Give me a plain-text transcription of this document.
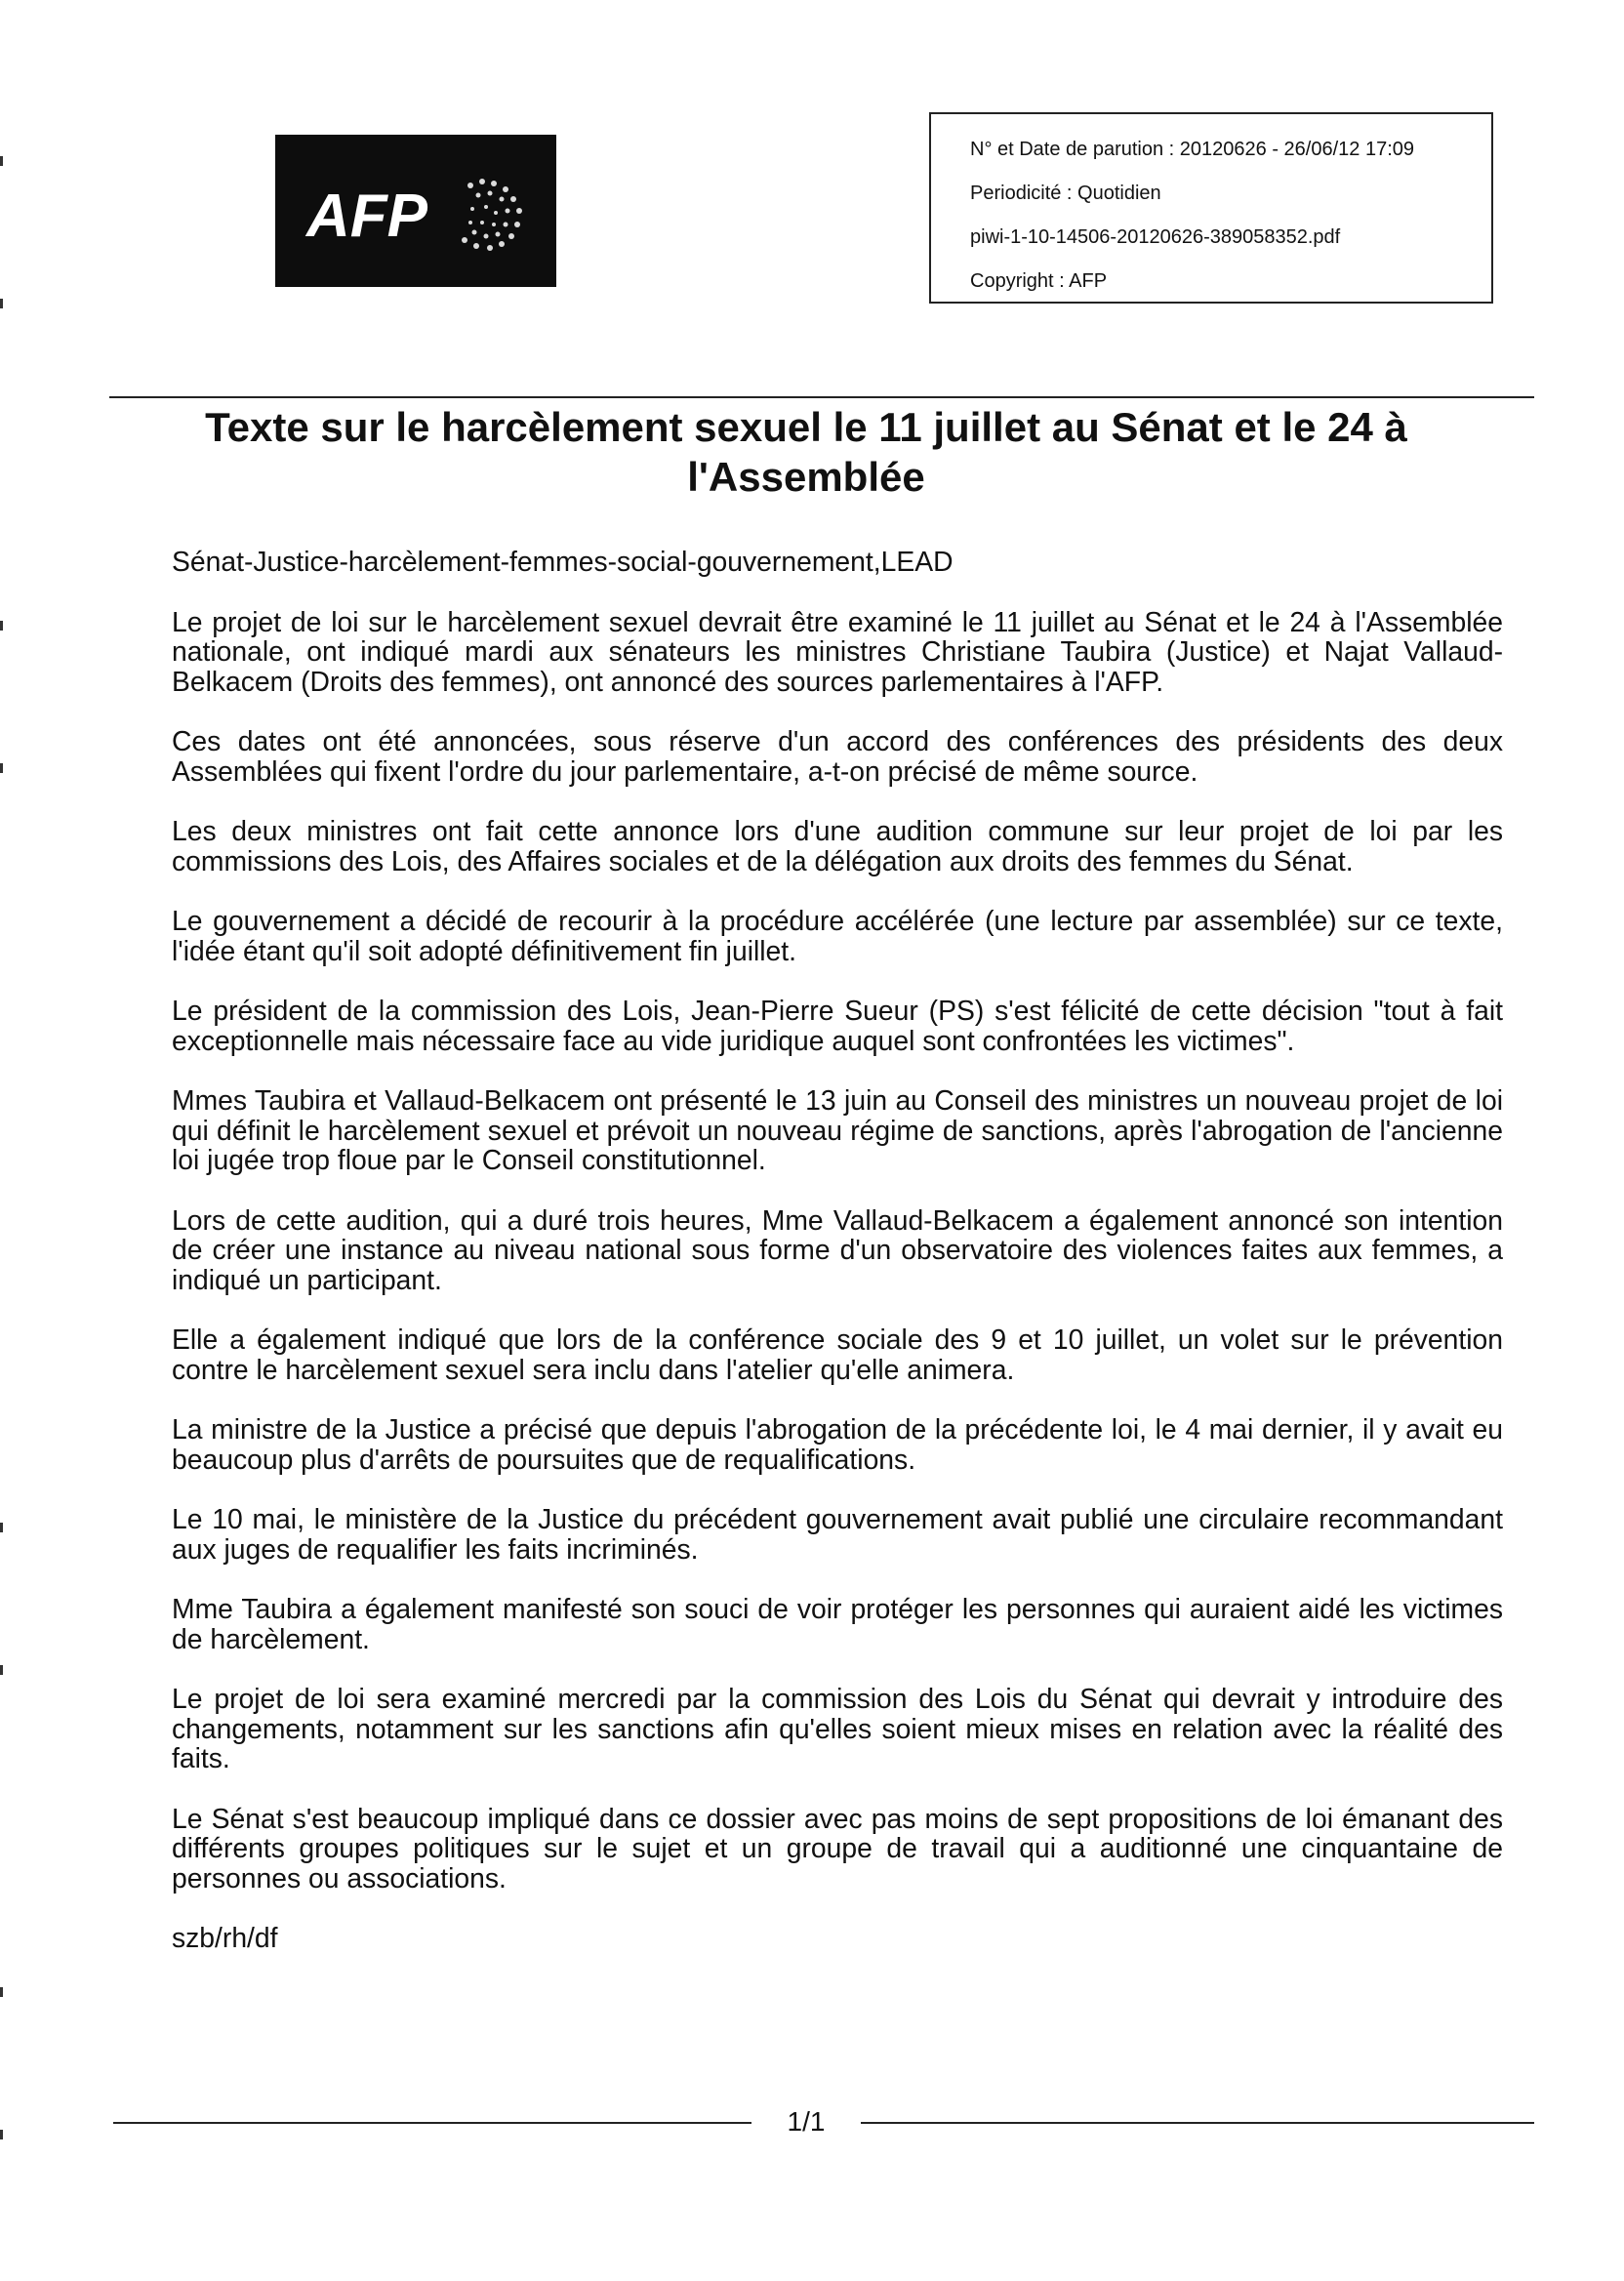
AFP
N° et Date de parution : 20120626 - 26/06/12 17:09
Periodicité : Quotidien
piwi-1-10-14506-20120626-389058352.pdf
Copyright : AFP
Texte sur le harcèlement sexuel le 11 juillet au Sénat et le 24 à l'Assemblée
Sénat-Justice-harcèlement-femmes-social-gouvernement,LEAD

Le projet de loi sur le harcèlement sexuel devrait être examiné le 11 juillet au Sénat et le 24 à l'Assemblée nationale, ont indiqué mardi aux sénateurs les ministres Christiane Taubira (Justice) et Najat Vallaud-Belkacem (Droits des femmes), ont annoncé des sources parlementaires à l'AFP.

Ces dates ont été annoncées, sous réserve d'un accord des conférences des présidents des deux Assemblées qui fixent l'ordre du jour parlementaire, a-t-on précisé de même source.

Les deux ministres ont fait cette annonce lors d'une audition commune sur leur projet de loi par les commissions des Lois, des Affaires sociales et de la délégation aux droits des femmes du Sénat.

Le gouvernement a décidé de recourir à la procédure accélérée (une lecture par assemblée) sur ce texte, l'idée étant qu'il soit adopté définitivement fin juillet.

Le président de la commission des Lois, Jean-Pierre Sueur (PS) s'est félicité de cette décision "tout à fait exceptionnelle mais nécessaire face au vide juridique auquel sont confrontées les victimes".

Mmes Taubira et Vallaud-Belkacem ont présenté le 13 juin au Conseil des ministres un nouveau projet de loi qui définit le harcèlement sexuel et prévoit un nouveau régime de sanctions, après l'abrogation de l'ancienne loi jugée trop floue par le Conseil constitutionnel.

Lors de cette audition, qui a duré trois heures, Mme Vallaud-Belkacem a également annoncé son intention de créer une instance au niveau national sous forme d'un observatoire des violences faites aux femmes, a indiqué un participant.

Elle a également indiqué que lors de la conférence sociale des 9 et 10 juillet, un volet sur le prévention contre le harcèlement sexuel sera inclu dans l'atelier qu'elle animera.

La ministre de la Justice a précisé que depuis l'abrogation de la précédente loi, le 4 mai dernier, il y avait eu beaucoup plus d'arrêts de poursuites que de requalifications.

Le 10 mai, le ministère de la Justice du précédent gouvernement avait publié une circulaire recommandant aux juges de requalifier les faits incriminés.

Mme Taubira a également manifesté son souci de voir protéger les personnes qui auraient aidé les victimes de harcèlement.

Le projet de loi sera examiné mercredi par la commission des Lois du Sénat qui devrait y introduire des changements, notamment sur les sanctions afin qu'elles soient mieux mises en relation avec la réalité des faits.

Le Sénat s'est beaucoup impliqué dans ce dossier avec pas moins de sept propositions de loi émanant des différents groupes politiques sur le sujet et un groupe de travail qui a auditionné une cinquantaine de personnes ou associations.

szb/rh/df

1/1
